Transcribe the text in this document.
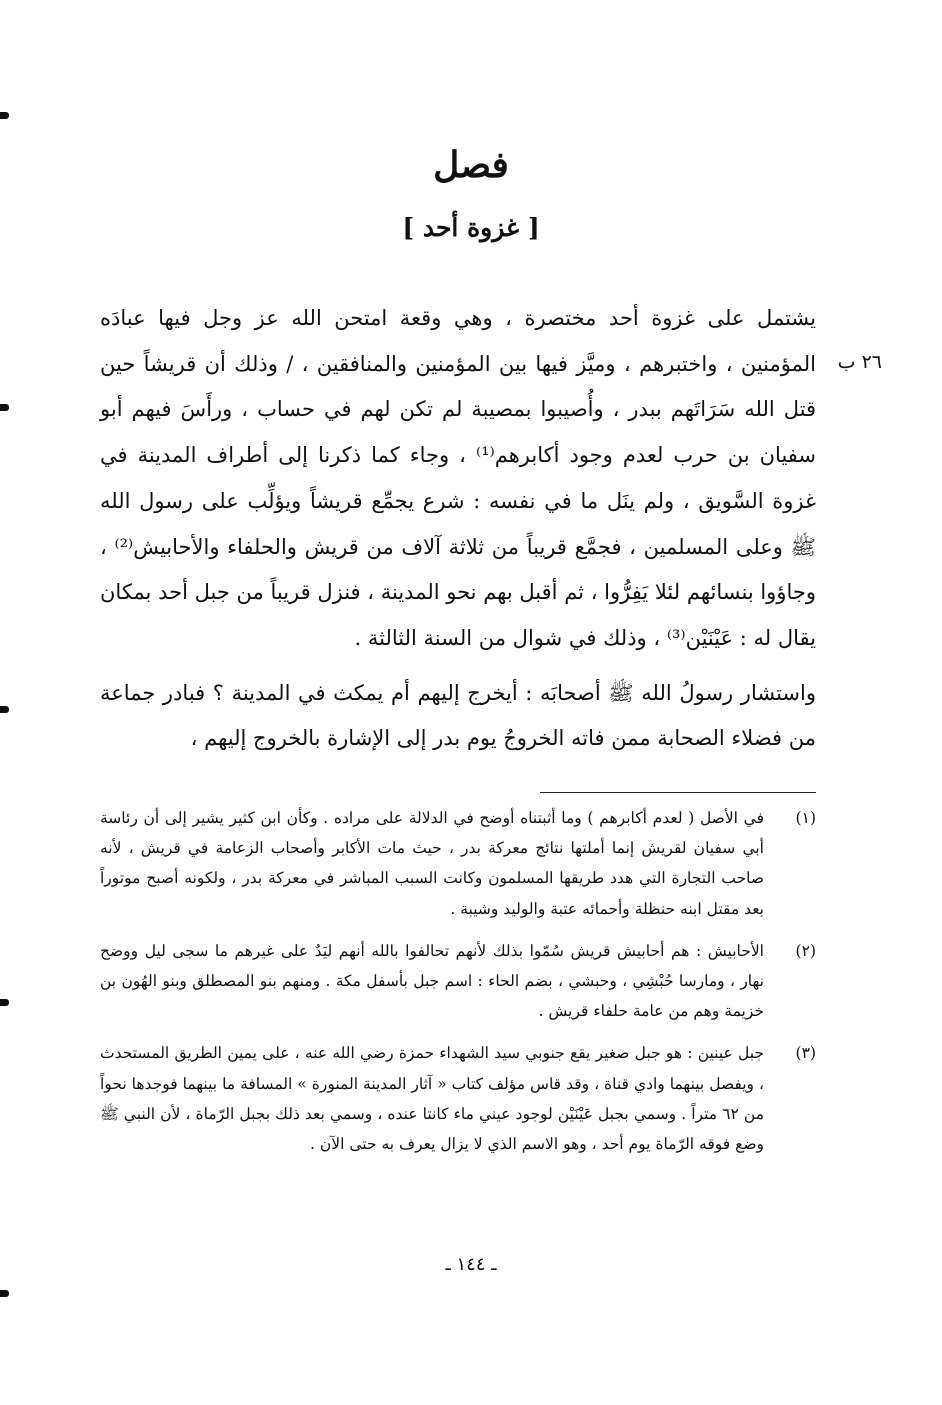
فصل
[ غزوة أحد ]
٢٦ ب

يشتمل على غزوة أحد مختصرة ، وهي وقعة امتحن الله عز وجل فيها عبادَه المؤمنين ، واختبرهم ، وميَّز فيها بين المؤمنين والمنافقين ، / وذلك أن قريشاً حين قتل الله سَرَاتَهم ببدر ، وأُصيبوا بمصيبة لم تكن لهم في حساب ، ورأَسَ فيهم أبو سفيان بن حرب لعدم وجود أكابرهم⁽¹⁾ ، وجاء كما ذكرنا إلى أطراف المدينة في غزوة السَّويق ، ولم ينَل ما في نفسه : شرع يجمِّع قريشاً ويؤلِّب على رسول الله ﷺ وعلى المسلمين ، فجمَّع قريباً من ثلاثة آلاف من قريش والحلفاء والأحابيش⁽²⁾ ، وجاؤوا بنسائهم لئلا يَفِرُّوا ، ثم أقبل بهم نحو المدينة ، فنزل قريباً من جبل أحد بمكان يقال له : عَيْنَيْن⁽³⁾ ، وذلك في شوال من السنة الثالثة .

واستشار رسولُ الله ﷺ أصحابَه : أيخرج إليهم أم يمكث في المدينة ؟ فبادر جماعة من فضلاء الصحابة ممن فاته الخروجُ يوم بدر إلى الإشارة بالخروج إليهم ،

(١)
في الأصل ( لعدم أكابرهم ) وما أثبتناه أوضح في الدلالة على مراده . وكأن ابن كثير يشير إلى أن رئاسة أبي سفيان لقريش إنما أملتها نتائج معركة بدر ، حيث مات الأكابر وأصحاب الزعامة في قريش ، لأنه صاحب التجارة التي هدد طريقها المسلمون وكانت السبب المباشر في معركة بدر ، ولكونه أصبح موتوراً بعد مقتل ابنه حنظلة وأحمائه عتبة والوليد وشيبة .
(٢)
الأحابيش : هم أحابيش قريش سُمّوا بذلك لأنهم تحالفوا بالله أنهم ليَدٌ على غيرهم ما سجى ليل ووضح نهار ، ومارسا حُبْشِي ، وحبشي ، بضم الحاء : اسم جبل بأسفل مكة . ومنهم بنو المصطلق وبنو الهُون بن خزيمة وهم من عامة حلفاء قريش .
(٣)
جبل عينين : هو جبل صغير يقع جنوبي سيد الشهداء حمزة رضي الله عنه ، على يمين الطريق المستحدث ، ويفصل بينهما وادي قناة ، وقد قاس مؤلف كتاب « آثار المدينة المنورة » المسافة ما بينهما فوجدها نحواً من ٦٢ متراً . وسمي بجبل عَيْنَيْن لوجود عيني ماء كانتا عنده ، وسمي بعد ذلك بجبل الرّماة ، لأن النبي ﷺ وضع فوقه الرّماة يوم أحد ، وهو الاسم الذي لا يزال يعرف به حتى الآن .
ـ ١٤٤ ـ
